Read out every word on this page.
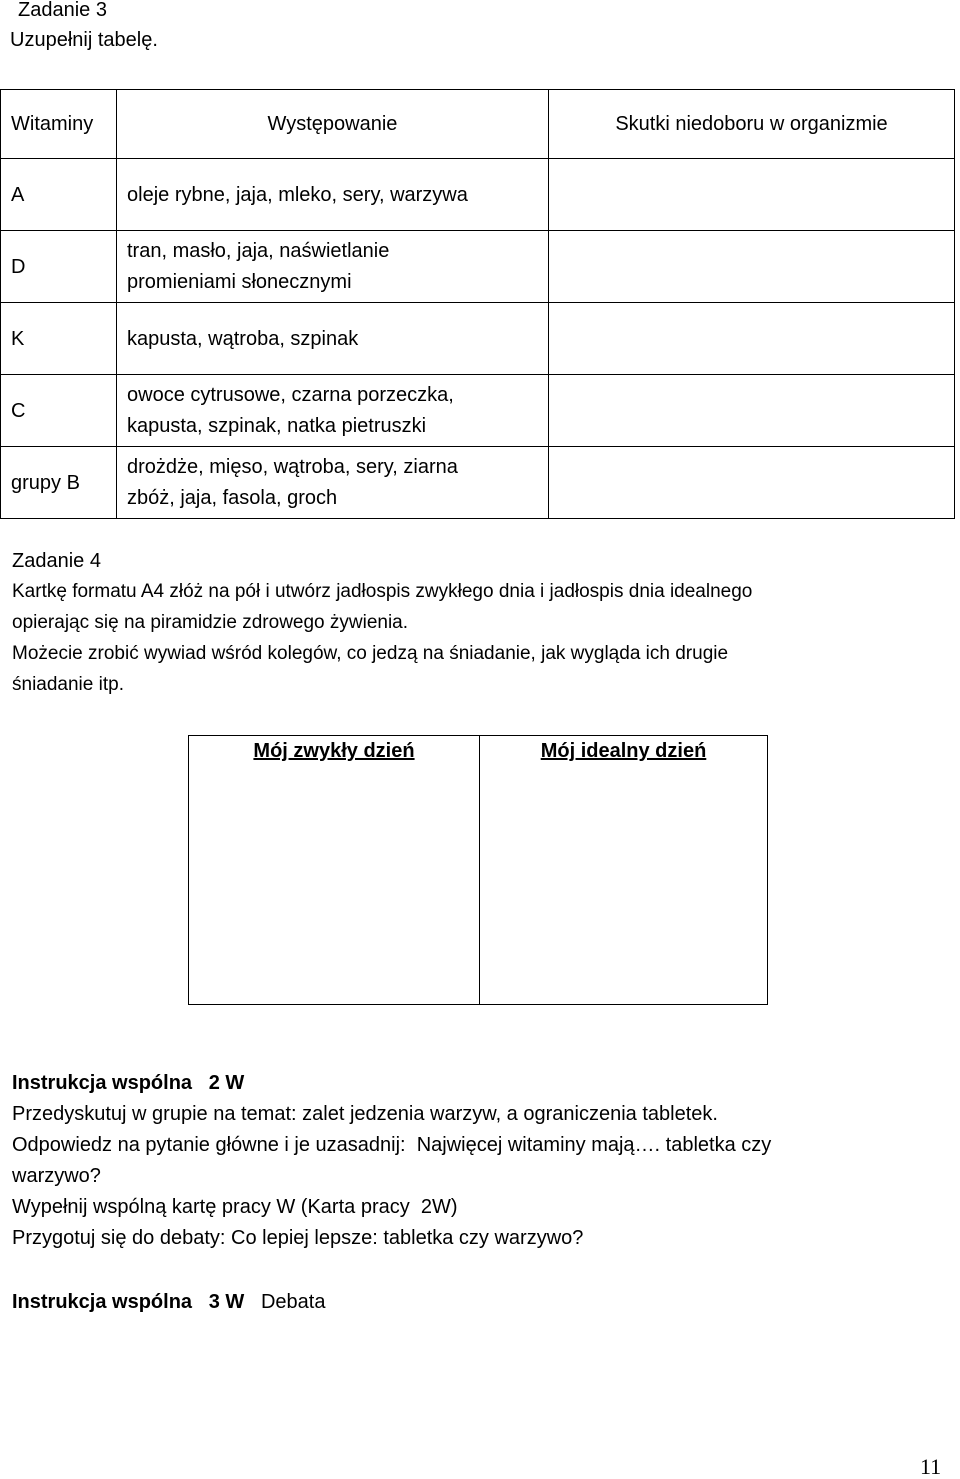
Zadanie 3
Uzupełnij tabelę.
Witaminy	Występowanie	Skutki niedoboru w organizmie
A	oleje rybne, jaja, mleko, sery, warzywa	
D	tran, masło, jaja, naświetlanie
promieniami słonecznymi	
K	kapusta, wątroba, szpinak	
C	owoce cytrusowe, czarna porzeczka,
kapusta, szpinak, natka pietruszki	
grupy B	drożdże, mięso, wątroba, sery, ziarna
zbóż, jaja, fasola, groch	
Zadanie 4
Kartkę formatu A4 złóż na pół i utwórz jadłospis zwykłego dnia i jadłospis dnia idealnego
opierając się na piramidzie zdrowego żywienia.
Możecie zrobić wywiad wśród kolegów, co jedzą na śniadanie, jak wygląda ich drugie
śniadanie itp.
Mój zwykły dzień	Mój idealny dzień
Instrukcja wspólna   2 W
Przedyskutuj w grupie na temat: zalet jedzenia warzyw, a ograniczenia tabletek.
Odpowiedz na pytanie główne i je uzasadnij:  Najwięcej witaminy mają…. tabletka czy
warzywo?
Wypełnij wspólną kartę pracy W (Karta pracy  2W)
Przygotuj się do debaty: Co lepiej lepsze: tabletka czy warzywo?
Instrukcja wspólna   3 W Debata
11
